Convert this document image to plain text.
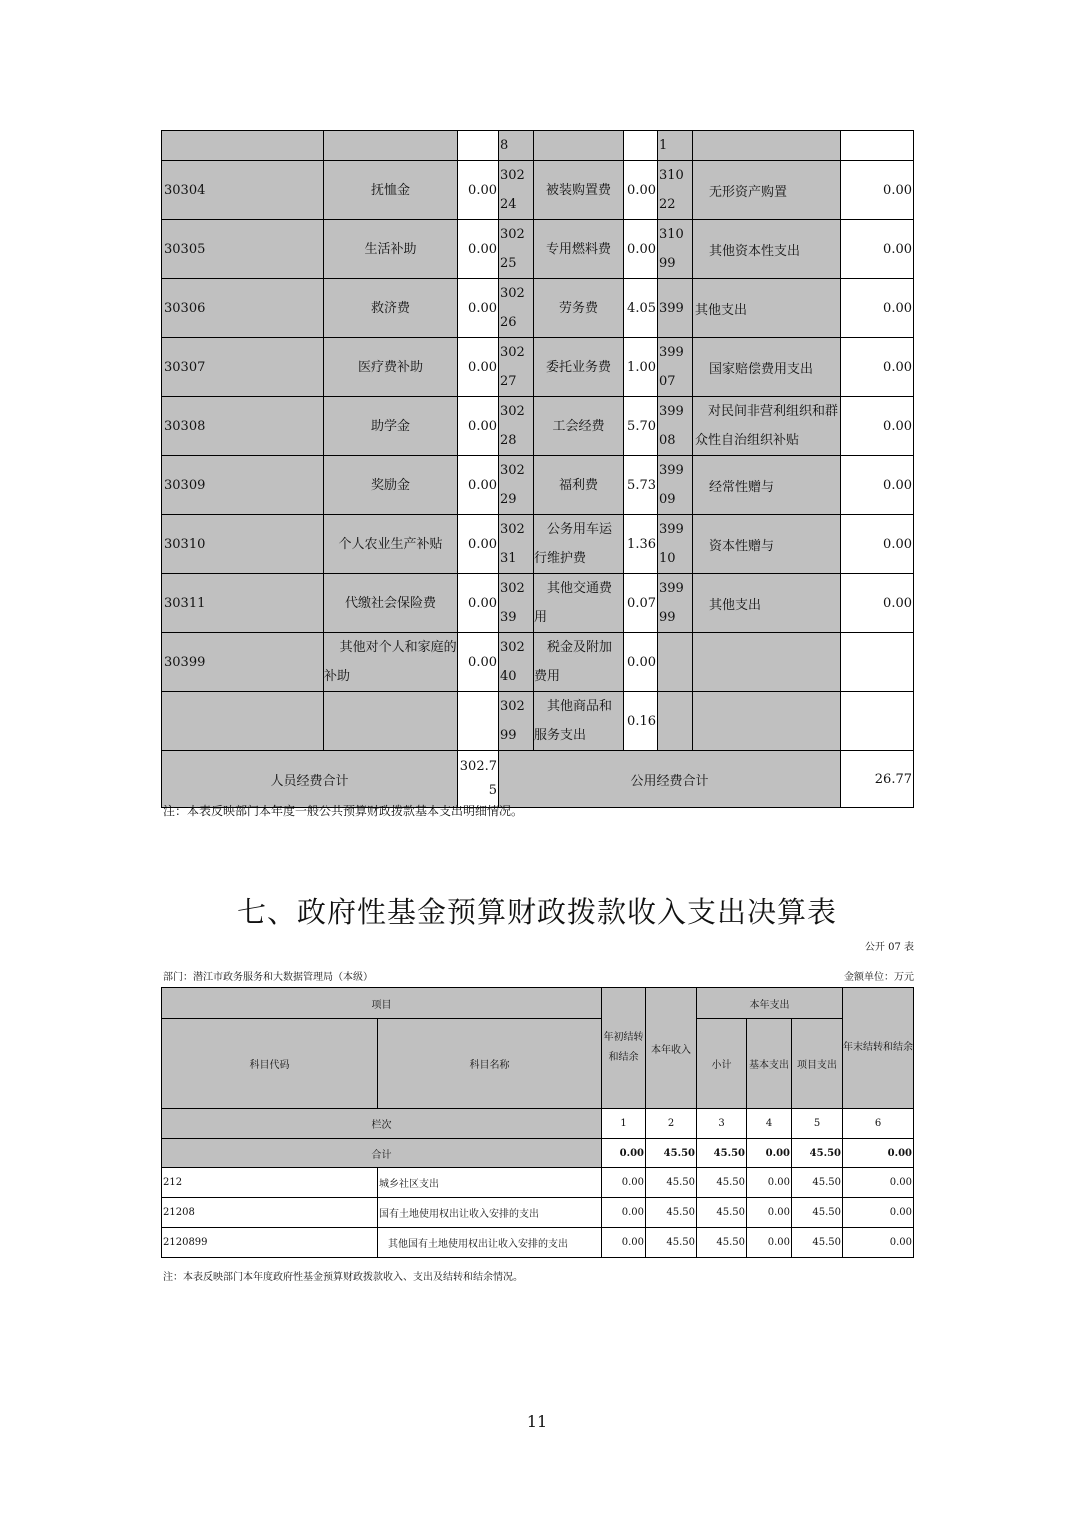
			8			1		
30304	抚恤金	0.00	30224	被装购置费	0.00	31022	无形资产购置	0.00
30305	生活补助	0.00	30225	专用燃料费	0.00	31099	其他资本性支出	0.00
30306	救济费	0.00	30226	劳务费	4.05	399	其他支出	0.00
30307	医疗费补助	0.00	30227	委托业务费	1.00	39907	国家赔偿费用支出	0.00
30308	助学金	0.00	30228	工会经费	5.70	39908	对民间非营利组织和群众性自治组织补贴	0.00
30309	奖励金	0.00	30229	福利费	5.73	39909	经常性赠与	0.00
30310	个人农业生产补贴	0.00	30231	公务用车运行维护费	1.36	39910	资本性赠与	0.00
30311	代缴社会保险费	0.00	30239	其他交通费用	0.07	39999	其他支出	0.00
30399	其他对个人和家庭的补助	0.00	30240	税金及附加费用	0.00			
			30299	其他商品和服务支出	0.16			
人员经费合计		302.75	公用经费合计					26.77
注：本表反映部门本年度一般公共预算财政拨款基本支出明细情况。
七、政府性基金预算财政拨款收入支出决算表
公开 07 表
部门：潜江市政务服务和大数据管理局（本级）	金额单位：万元
项目		年初结转和结余	本年收入	本年支出			年末结转和结余
科目代码	科目名称			小计	基本支出	项目支出	
栏次		1	2	3	4	5	6
合计		0.00	45.50	45.50	0.00	45.50	0.00
212	城乡社区支出	0.00	45.50	45.50	0.00	45.50	0.00
21208	国有土地使用权出让收入安排的支出	0.00	45.50	45.50	0.00	45.50	0.00
2120899	其他国有土地使用权出让收入安排的支出	0.00	45.50	45.50	0.00	45.50	0.00
注：本表反映部门本年度政府性基金预算财政拨款收入、支出及结转和结余情况。
11
